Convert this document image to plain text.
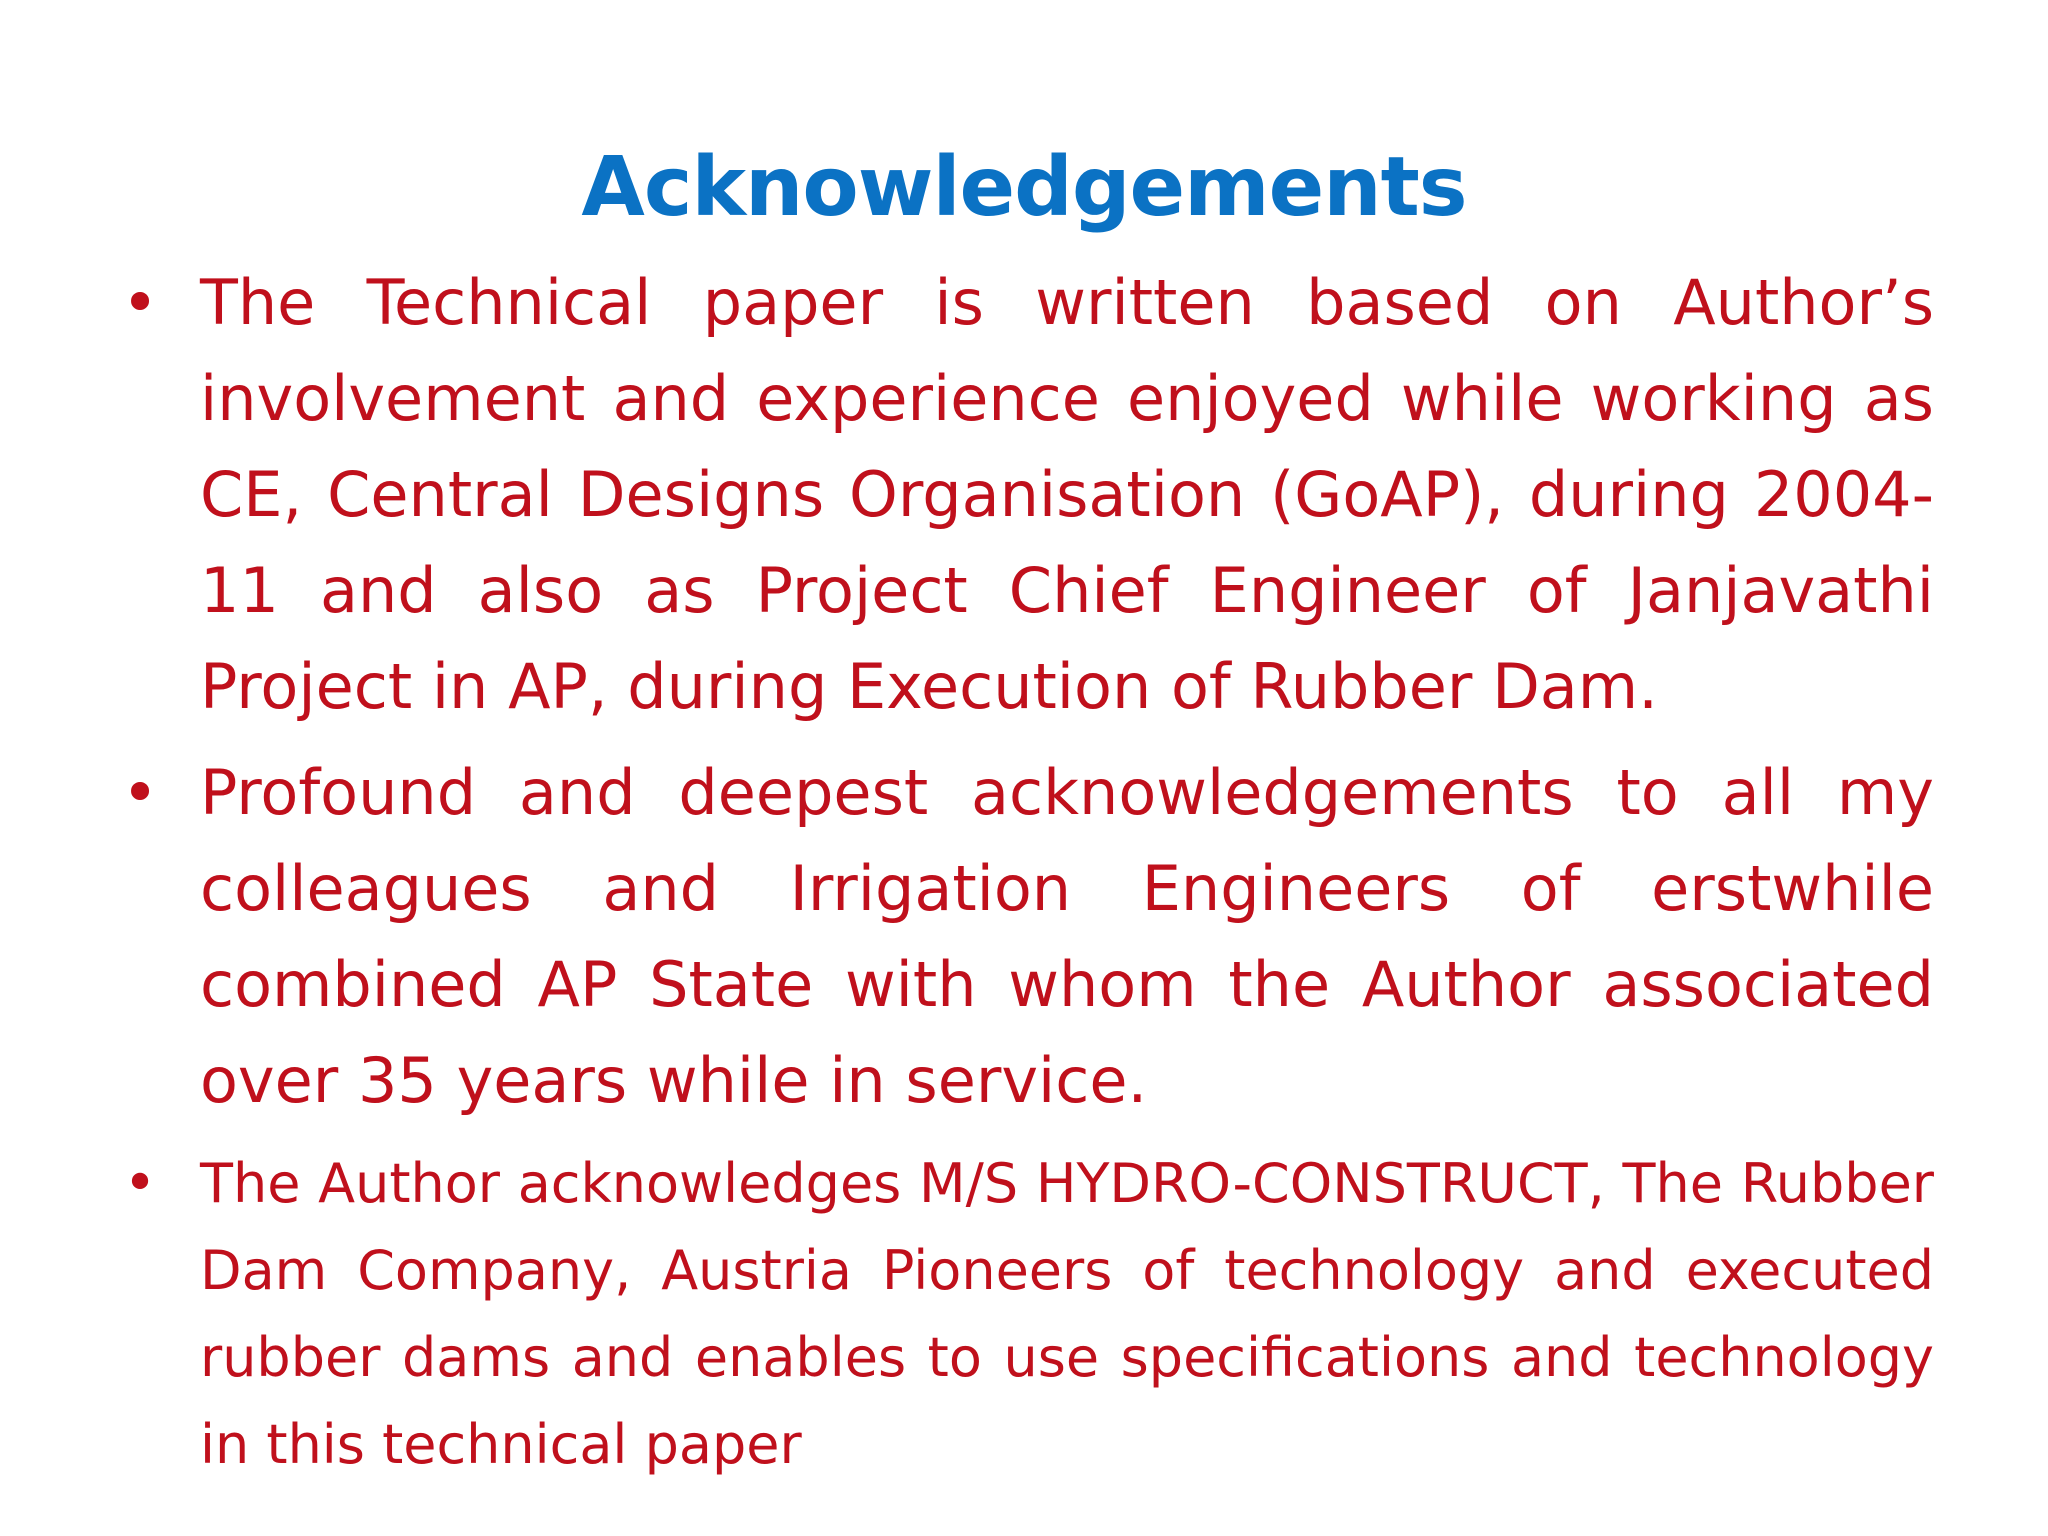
Acknowledgements
• The Technical paper is written based on Author’s involvement and experience enjoyed while working as CE, Central Designs Organisation (GoAP), during 2004-11 and also as Project Chief Engineer of Janjavathi Project in AP, during Execution of Rubber Dam.
• Profound and deepest acknowledgements to all my colleagues and Irrigation Engineers of erstwhile combined AP State with whom the Author associated over 35 years while in service.
• The Author acknowledges M/S HYDRO-CONSTRUCT, The Rubber Dam Company, Austria Pioneers of technology and executed rubber dams and enables to use specifications and technology in this technical paper
